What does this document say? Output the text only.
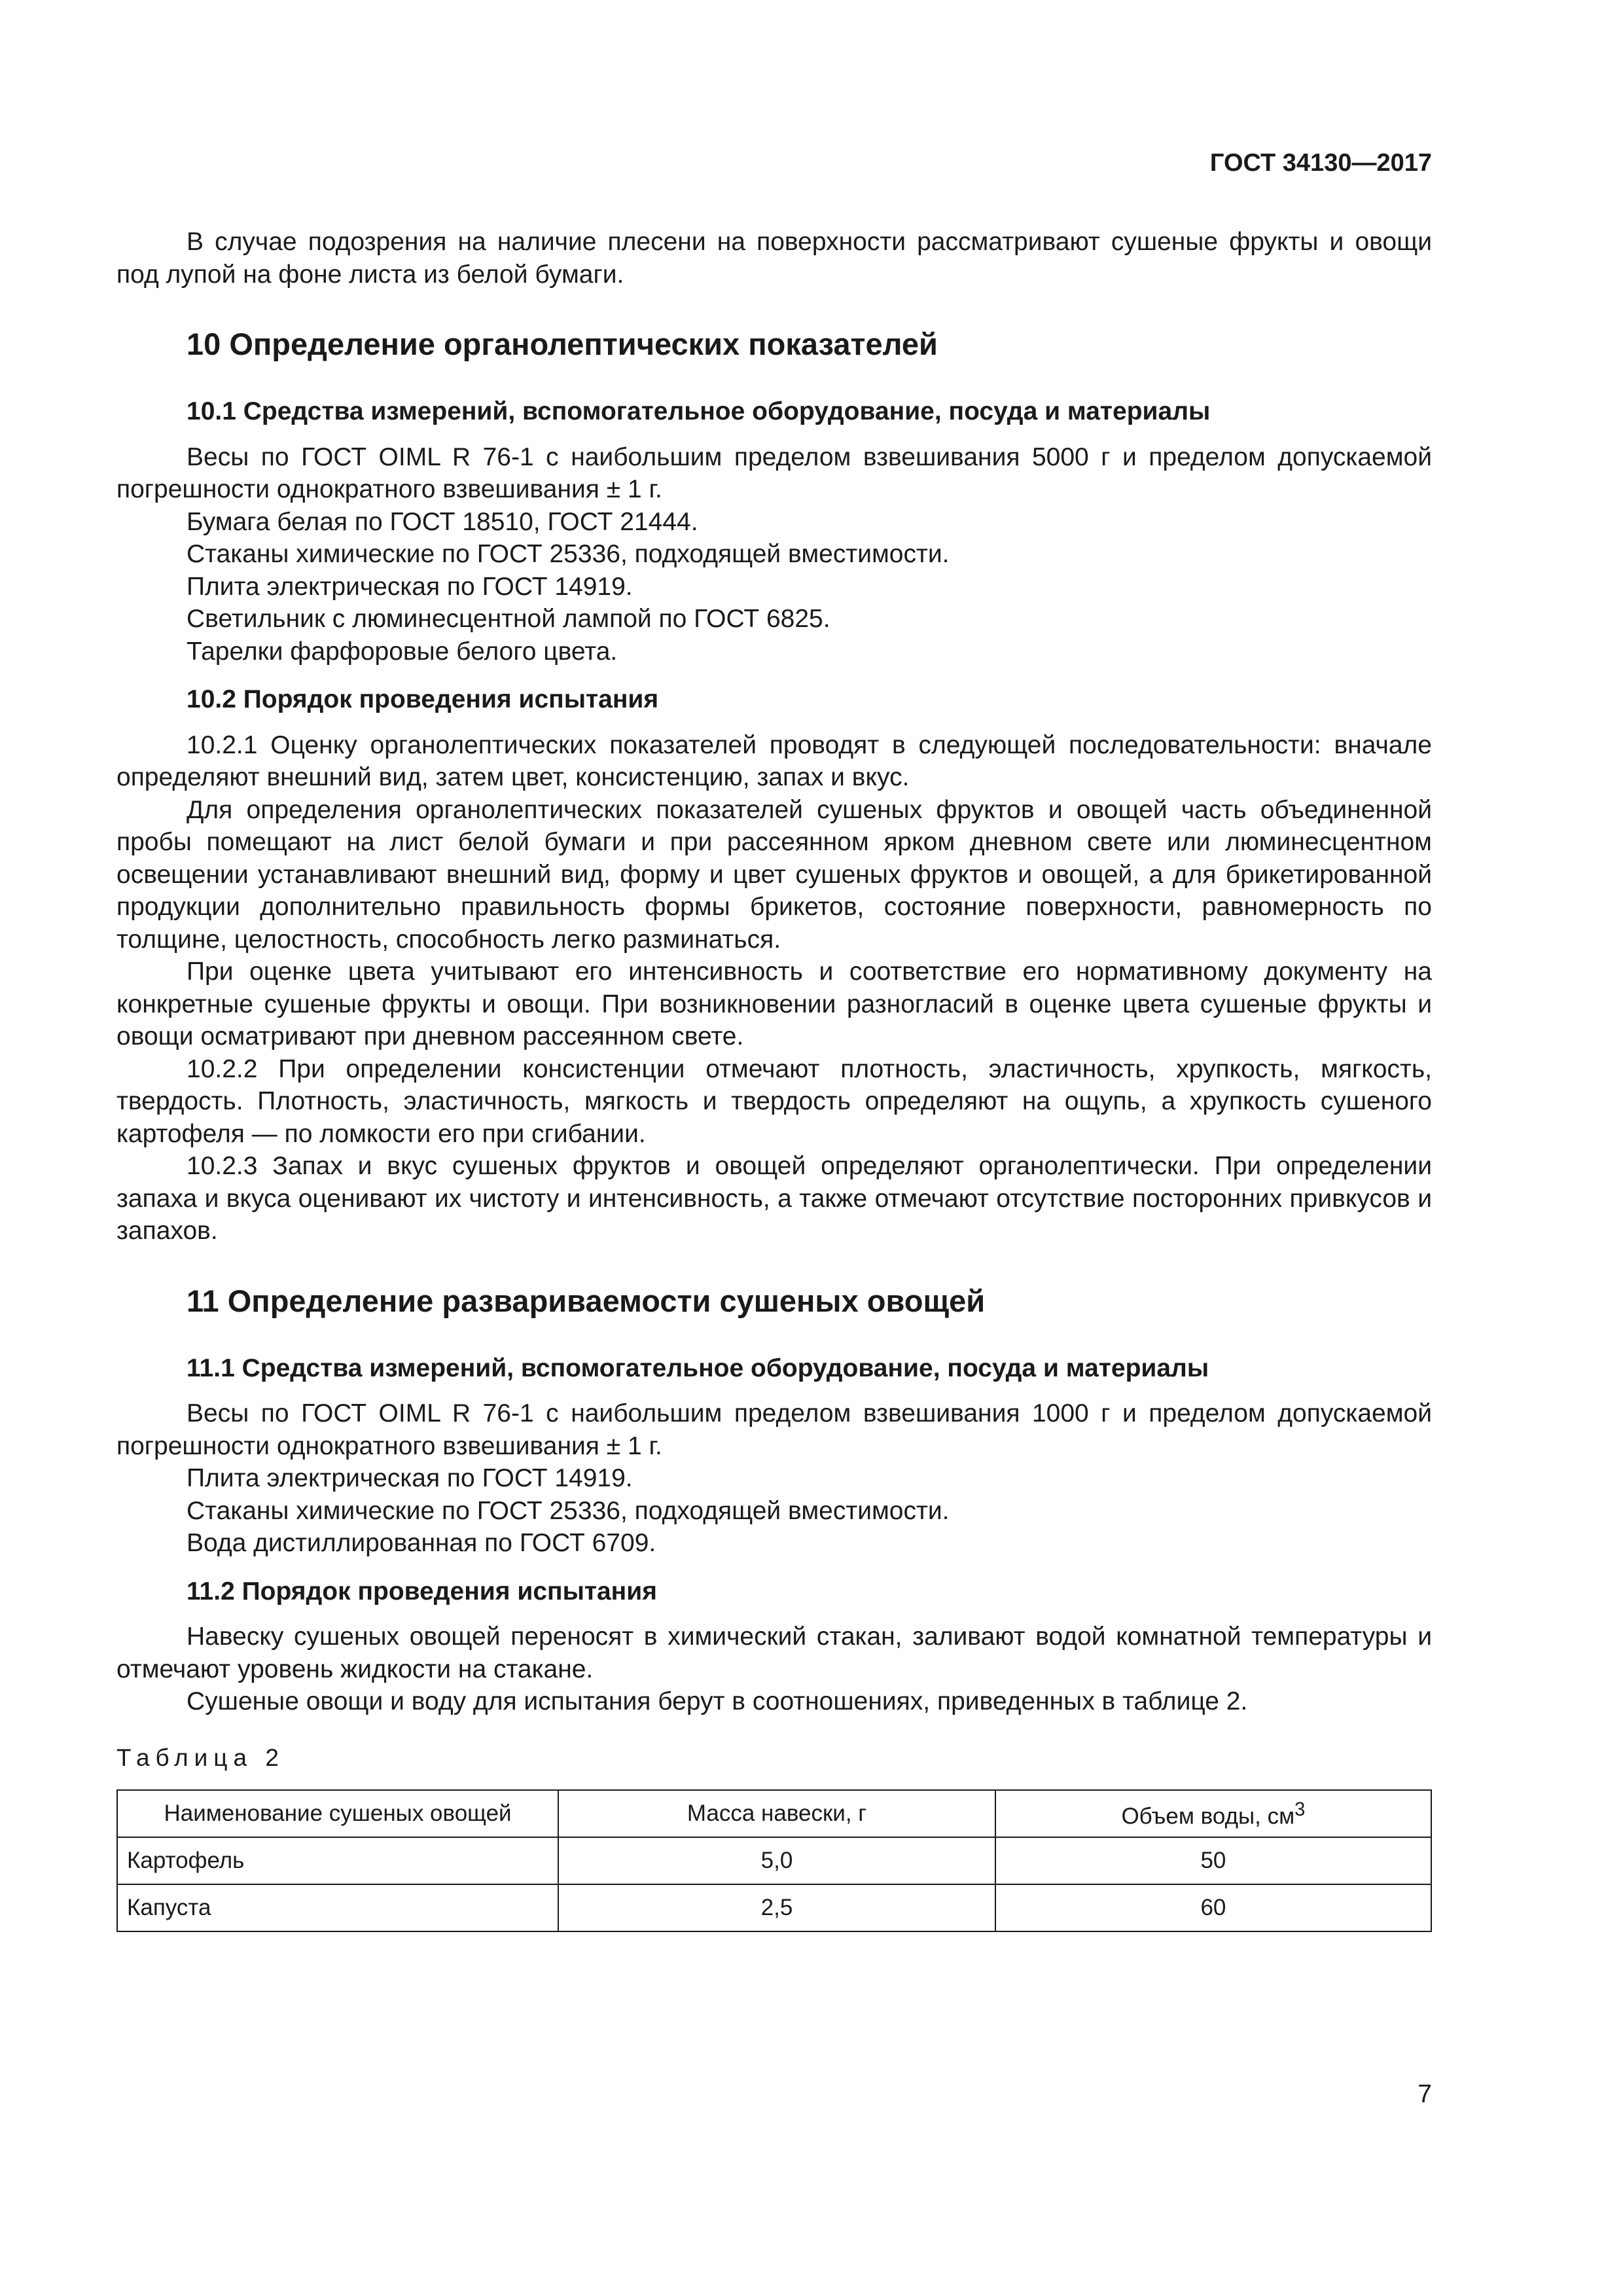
ГОСТ 34130—2017

В случае подозрения на наличие плесени на поверхности рассматривают сушеные фрукты и овощи под лупой на фоне листа из белой бумаги.

10 Определение органолептических показателей
10.1 Средства измерений, вспомогательное оборудование, посуда и материалы

Весы по ГОСТ OIML R 76-1 с наибольшим пределом взвешивания 5000 г и пределом допускаемой погрешности однократного взвешивания ± 1 г.

Бумага белая по ГОСТ 18510, ГОСТ 21444.

Стаканы химические по ГОСТ 25336, подходящей вместимости.

Плита электрическая по ГОСТ 14919.

Светильник с люминесцентной лампой по ГОСТ 6825.

Тарелки фарфоровые белого цвета.

10.2 Порядок проведения испытания

10.2.1 Оценку органолептических показателей проводят в следующей последовательности: вначале определяют внешний вид, затем цвет, консистенцию, запах и вкус.

Для определения органолептических показателей сушеных фруктов и овощей часть объединенной пробы помещают на лист белой бумаги и при рассеянном ярком дневном свете или люминесцентном освещении устанавливают внешний вид, форму и цвет сушеных фруктов и овощей, а для брикетированной продукции дополнительно правильность формы брикетов, состояние поверхности, равномерность по толщине, целостность, способность легко разминаться.

При оценке цвета учитывают его интенсивность и соответствие его нормативному документу на конкретные сушеные фрукты и овощи. При возникновении разногласий в оценке цвета сушеные фрукты и овощи осматривают при дневном рассеянном свете.

10.2.2 При определении консистенции отмечают плотность, эластичность, хрупкость, мягкость, твердость. Плотность, эластичность, мягкость и твердость определяют на ощупь, а хрупкость сушеного картофеля — по ломкости его при сгибании.

10.2.3 Запах и вкус сушеных фруктов и овощей определяют органолептически. При определении запаха и вкуса оценивают их чистоту и интенсивность, а также отмечают отсутствие посторонних привкусов и запахов.

11 Определение развариваемости сушеных овощей
11.1 Средства измерений, вспомогательное оборудование, посуда и материалы

Весы по ГОСТ OIML R 76-1 с наибольшим пределом взвешивания 1000 г и пределом допускаемой погрешности однократного взвешивания ± 1 г.

Плита электрическая по ГОСТ 14919.

Стаканы химические по ГОСТ 25336, подходящей вместимости.

Вода дистиллированная по ГОСТ 6709.

11.2 Порядок проведения испытания

Навеску сушеных овощей переносят в химический стакан, заливают водой комнатной температуры и отмечают уровень жидкости на стакане.

Сушеные овощи и воду для испытания берут в соотношениях, приведенных в таблице 2.

Таблица 2
Наименование сушеных овощей	Масса навески, г	Объем воды, $см^3$
Картофель	5,0	50
Капуста	2,5	60
7
